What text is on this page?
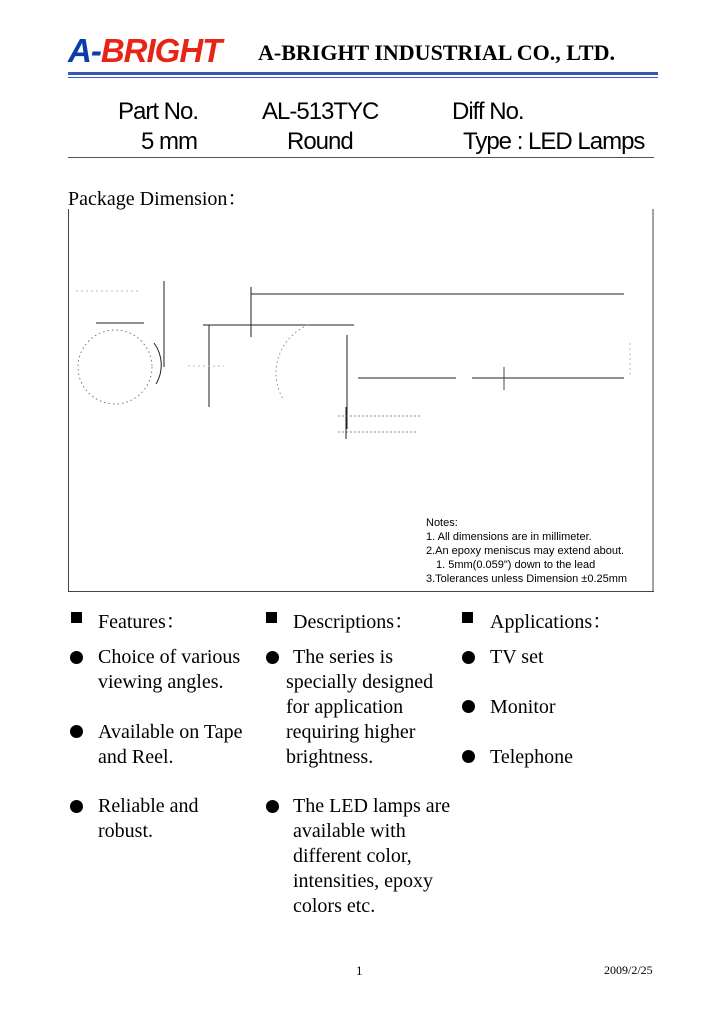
A-BRIGHT	A-BRIGHT INDUSTRIAL CO., LTD.
Part No.	AL-513TYC	Diff No.
5 mm	Round	Type : LED Lamps
Package Dimension：
Notes:
1. All dimensions are in millimeter.
2.An epoxy meniscus may extend about.
1. 5mm(0.059") down to the lead
3.Tolerances unless Dimension ±0.25mm
Features：
Choice of various viewing angles.
Available on Tape and Reel.
Reliable and robust.
Descriptions：
The series is specially designed for application requiring higher brightness.
The LED lamps are available with different color, intensities, epoxy colors etc.
Applications：
TV set
Monitor
Telephone
1	2009/2/25
